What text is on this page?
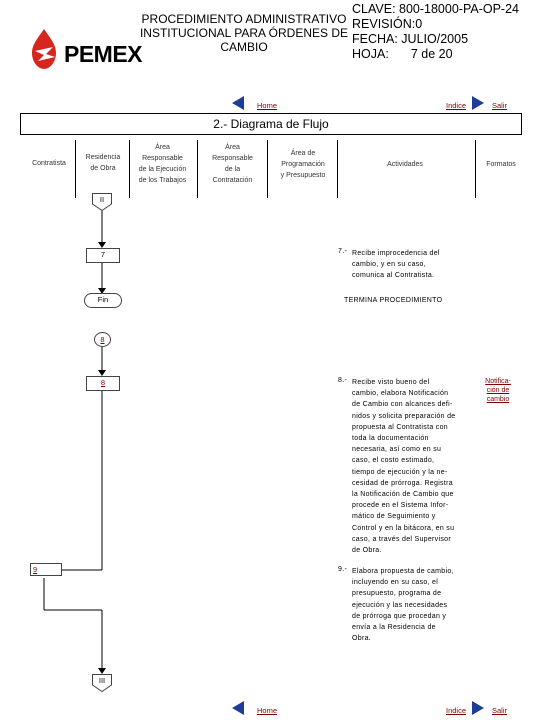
PEMEX
PROCEDIMIENTO ADMINISTRATIVO
INSTITUCIONAL PARA ÓRDENES DE
CAMBIO
CLAVE: 800-18000-PA-OP-24
REVISIÓN:0
FECHA: JULIO/2005
HOJA: 7 de 20
Home	Indice	Salir
2.- Diagrama de Flujo
Contratista
Residencia
de Obra
Área
Responsable
de la Ejecución
de los Trabajos
Área
Responsable
de la
Contratación
Área de
Programación
y Presupuesto
Actividades	Formatos
II
7
Fin
8
8
9
III
7.- Recibe improcedencia del
cambio, y en su caso,
comunica al Contratista.
TERMINA PROCEDIMIENTO
8.- Recibe visto bueno del
cambio, elabora Notificación
de Cambio con alcances defi-
nidos y solicita preparación de
propuesta al Contratista con
toda la documentación
necesaria, así como en su
caso, el costo estimado,
tiempo de ejecución y la ne-
cesidad de prórroga. Registra
la Notificación de Cambio que
procede en el Sistema Infor-
mático de Seguimiento y
Control y en la bitácora, en su
caso, a través del Supervisor
de Obra.
Notifica-
ción de
cambio
9.- Elabora propuesta de cambio,
incluyendo en su caso, el
presupuesto, programa de
ejecución y las necesidades
de prórroga que procedan y
envía a la Residencia de
Obra.
Home	Indice	Salir
